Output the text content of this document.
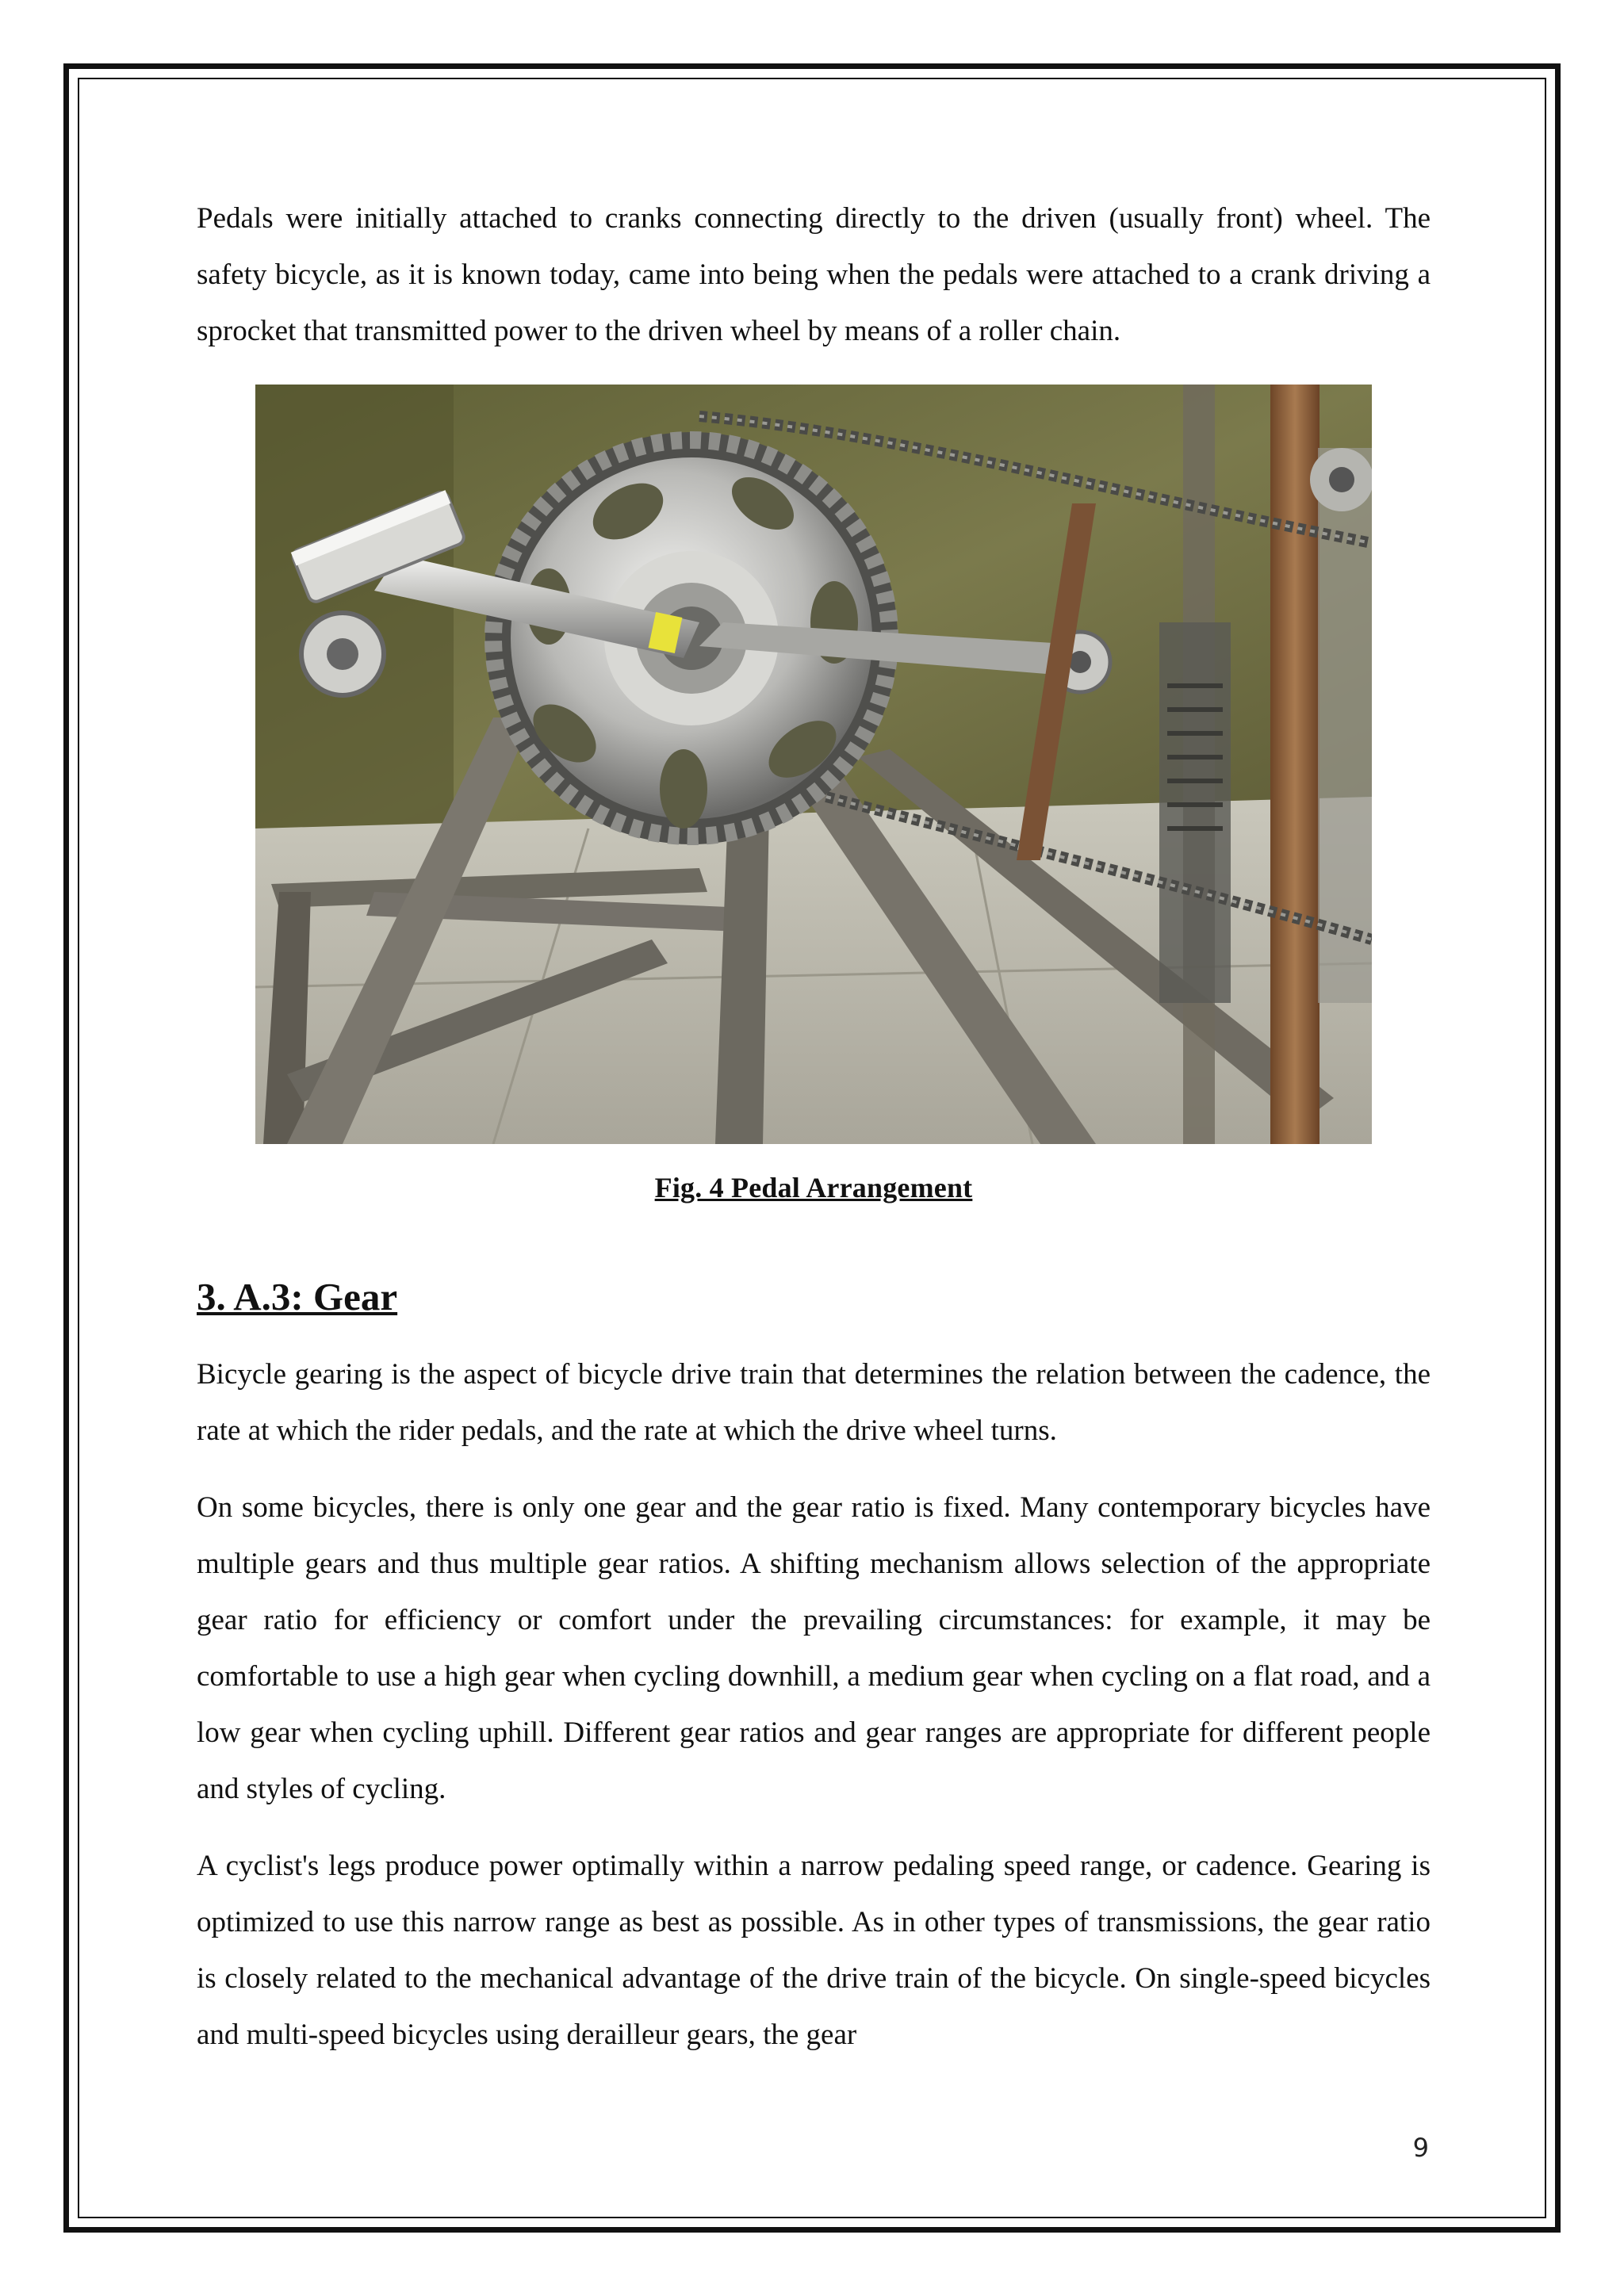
Pedals were initially attached to cranks connecting directly to the driven (usually front) wheel. The safety bicycle, as it is known today, came into being when the pedals were attached to a crank driving a sprocket that transmitted power to the driven wheel by means of a roller chain.

Fig. 4 Pedal Arrangement
3. A.3: Gear

Bicycle gearing is the aspect of bicycle drive train that determines the relation between the cadence, the rate at which the rider pedals, and the rate at which the drive wheel turns.

On some bicycles, there is only one gear and the gear ratio is fixed. Many contemporary bicycles have multiple gears and thus multiple gear ratios. A shifting mechanism allows selection of the appropriate gear ratio for efficiency or comfort under the prevailing circumstances: for example, it may be comfortable to use a high gear when cycling downhill, a medium gear when cycling on a flat road, and a low gear when cycling uphill. Different gear ratios and gear ranges are appropriate for different people and styles of cycling.

A cyclist's legs produce power optimally within a narrow pedaling speed range, or cadence. Gearing is optimized to use this narrow range as best as possible. As in other types of transmissions, the gear ratio is closely related to the mechanical advantage of the drive train of the bicycle. On single-speed bicycles and multi-speed bicycles using derailleur gears, the gear

9
